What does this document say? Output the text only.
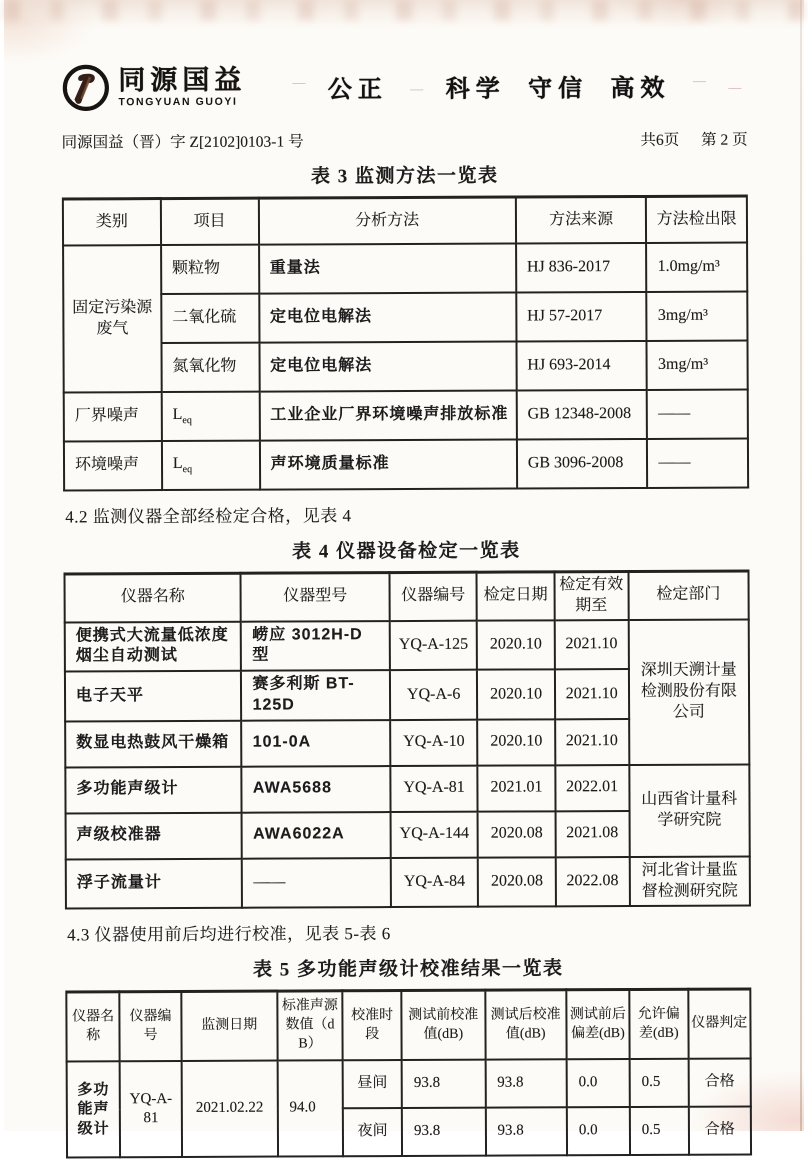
同源国益
TONGYUAN GUOYI
— 公正 — 科学 守信 高效 — —
同源国益（晋）字 Z[2102]0103-1 号	共6页 第 2 页
表 3 监测方法一览表
类别	项目	分析方法	方法来源	方法检出限
固定污染源废气	颗粒物	重量法	HJ 836-2017	1.0mg/m³
	二氧化硫	定电位电解法	HJ 57-2017	3mg/m³
	氮氧化物	定电位电解法	HJ 693-2014	3mg/m³
厂界噪声	$L_{eq}$	工业企业厂界环境噪声排放标准	GB 12348-2008	——
环境噪声	$L_{eq}$	声环境质量标准	GB 3096-2008	——

4.2 监测仪器全部经检定合格，见表 4

表 4 仪器设备检定一览表
仪器名称	仪器型号	仪器编号	检定日期	检定有效期至	检定部门
便携式大流量低浓度烟尘自动测试	崂应 3012H-D 型	YQ-A-125	2020.10	2021.10	深圳天溯计量检测股份有限公司
电子天平	赛多利斯 BT-125D	YQ-A-6	2020.10	2021.10	
数显电热鼓风干燥箱	101-0A	YQ-A-10	2020.10	2021.10	
多功能声级计	AWA5688	YQ-A-81	2021.01	2022.01	山西省计量科学研究院
声级校准器	AWA6022A	YQ-A-144	2020.08	2021.08	
浮子流量计	——	YQ-A-84	2020.08	2022.08	河北省计量监督检测研究院

4.3 仪器使用前后均进行校准，见表 5-表 6

表 5 多功能声级计校准结果一览表
仪器名称	仪器编号	监测日期	标准声源数值（dB）	校准时段	测试前校准值(dB)	测试后校准值(dB)	测试前后偏差(dB)	允许偏差(dB)	仪器判定
多功能声级计	YQ-A-81	2021.02.22	94.0	昼间	93.8	93.8	0.0	0.5	合格
				夜间	93.8	93.8	0.0	0.5	合格
